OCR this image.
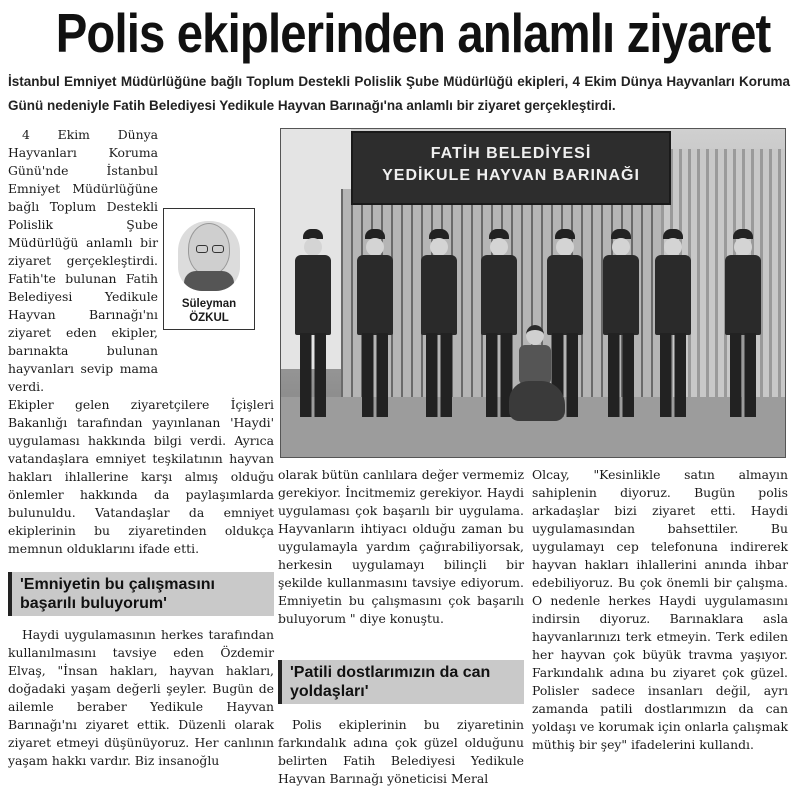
Polis ekiplerinden anlamlı ziyaret
İstanbul Emniyet Müdürlüğüne bağlı Toplum Destekli Polislik Şube Müdürlüğü ekipleri, 4 Ekim Dünya Hayvanları Koruma Günü nedeniyle Fatih Belediyesi Yedikule Hayvan Barınağı'na anlamlı bir ziyaret gerçekleştirdi.

4 Ekim Dünya Hayvanları Koruma Günü'nde İstanbul Emniyet Müdürlüğüne bağlı Toplum Destekli Polislik Şube Müdürlüğü anlamlı bir ziyaret gerçekleştirdi. Fatih'te bulunan Fatih Belediyesi Yedikule Hayvan Barınağı'nı ziyaret eden ekipler, barınakta bulunan hayvanları sevip mama verdi.

Ekipler gelen ziyaretçilere İçişleri Bakanlığı tarafından yayınlanan 'Haydi' uygulaması hakkında bilgi verdi. Ayrıca vatandaşlara emniyet teşkilatının hayvan hakları ihlallerine karşı almış olduğu önlemler hakkında da paylaşımlarda bulunuldu. Vatandaşlar da emniyet ekiplerinin bu ziyaretinden oldukça memnun olduklarını ifade etti.

Süleyman
ÖZKUL
'Emniyetin bu çalışmasını başarılı buluyorum'

Haydi uygulamasının herkes tarafından kullanılmasını tavsiye eden Özdemir Elvaş, "İnsan hakları, hayvan hakları, doğadaki yaşam değerli şeyler. Bugün de ailemle beraber Yedikule Hayvan Barınağı'nı ziyaret ettik. Düzenli olarak ziyaret etmeyi düşünüyoruz. Her canlının yaşam hakkı vardır. Biz insanoğlu

FATİH BELEDİYESİ
YEDİKULE HAYVAN BARINAĞI

olarak bütün canlılara değer vermemiz gerekiyor. İncitmemiz gerekiyor. Haydi uygulaması çok başarılı bir uygulama. Hayvanların ihtiyacı olduğu zaman bu uygulamayla yardım çağırabiliyorsak, herkesin uygulamayı bilinçli bir şekilde kullanmasını tavsiye ediyorum. Emniyetin bu çalışmasını çok başarılı buluyorum " diye konuştu.

'Patili dostlarımızın da can yoldaşları'

Polis ekiplerinin bu ziyaretinin farkındalık adına çok güzel olduğunu belirten Fatih Belediyesi Yedikule Hayvan Barınağı yöneticisi Meral

Olcay, "Kesinlikle satın almayın sahiplenin diyoruz. Bugün polis arkadaşlar bizi ziyaret etti. Haydi uygulamasından bahsettiler. Bu uygulamayı cep telefonuna indirerek hayvan hakları ihlallerini anında ihbar edebiliyoruz. Bu çok önemli bir çalışma. O nedenle herkes Haydi uygulamasını indirsin diyoruz. Barınaklara asla hayvanlarınızı terk etmeyin. Terk edilen her hayvan çok büyük travma yaşıyor. Farkındalık adına bu ziyaret çok güzel. Polisler sadece insanları değil, ayrı zamanda patili dostlarımızın da can yoldaşı ve korumak için onlarla çalışmak müthiş bir şey" ifadelerini kullandı.
